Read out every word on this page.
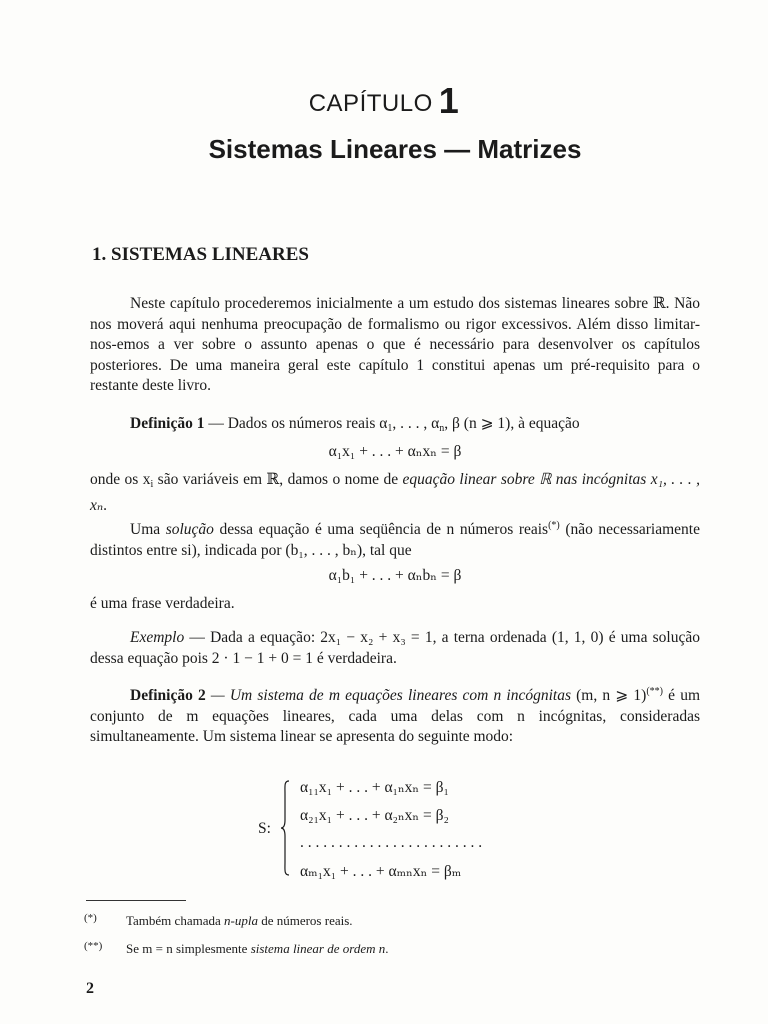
CAPÍTULO 1
Sistemas Lineares — Matrizes
1. SISTEMAS LINEARES
Neste capítulo procederemos inicialmente a um estudo dos sistemas lineares sobre ℝ. Não nos moverá aqui nenhuma preocupação de formalismo ou rigor excessivos. Além disso limitar-nos-emos a ver sobre o assunto apenas o que é necessário para desenvolver os capítulos posteriores. De uma maneira geral este capítulo 1 constitui apenas um pré-requisito para o restante deste livro.
Definição 1 — Dados os números reais $\alpha_1$, . . . , $\alpha_n$, β (n ⩾ 1), à equação
α₁x₁ + . . . + αₙxₙ = β
onde os $x_i$ são variáveis em ℝ, damos o nome de equação linear sobre ℝ nas incógnitas x₁, . . . , xₙ.
Uma solução dessa equação é uma seqüência de n números reais(*) (não necessariamente distintos entre si), indicada por (b₁, . . . , bₙ), tal que
α₁b₁ + . . . + αₙbₙ = β
é uma frase verdadeira.
Exemplo — Dada a equação: 2x₁ − x₂ + x₃ = 1, a terna ordenada (1, 1, 0) é uma solução dessa equação pois 2 · 1 − 1 + 0 = 1 é verdadeira.
Definição 2 — Um sistema de m equações lineares com n incógnitas (m, n ⩾ 1)(**) é um conjunto de m equações lineares, cada uma delas com n incógnitas, consideradas simultaneamente. Um sistema linear se apresenta do seguinte modo:
S:
α₁₁x₁ + . . . + α₁ₙxₙ = β₁
α₂₁x₁ + . . . + α₂ₙxₙ = β₂
. . . . . . . . . . . . . . . . . . . . . . . .
αₘ₁x₁ + . . . + αₘₙxₙ = βₘ
(*) Também chamada n-upla de números reais.
(**) Se m = n simplesmente sistema linear de ordem n.
2
